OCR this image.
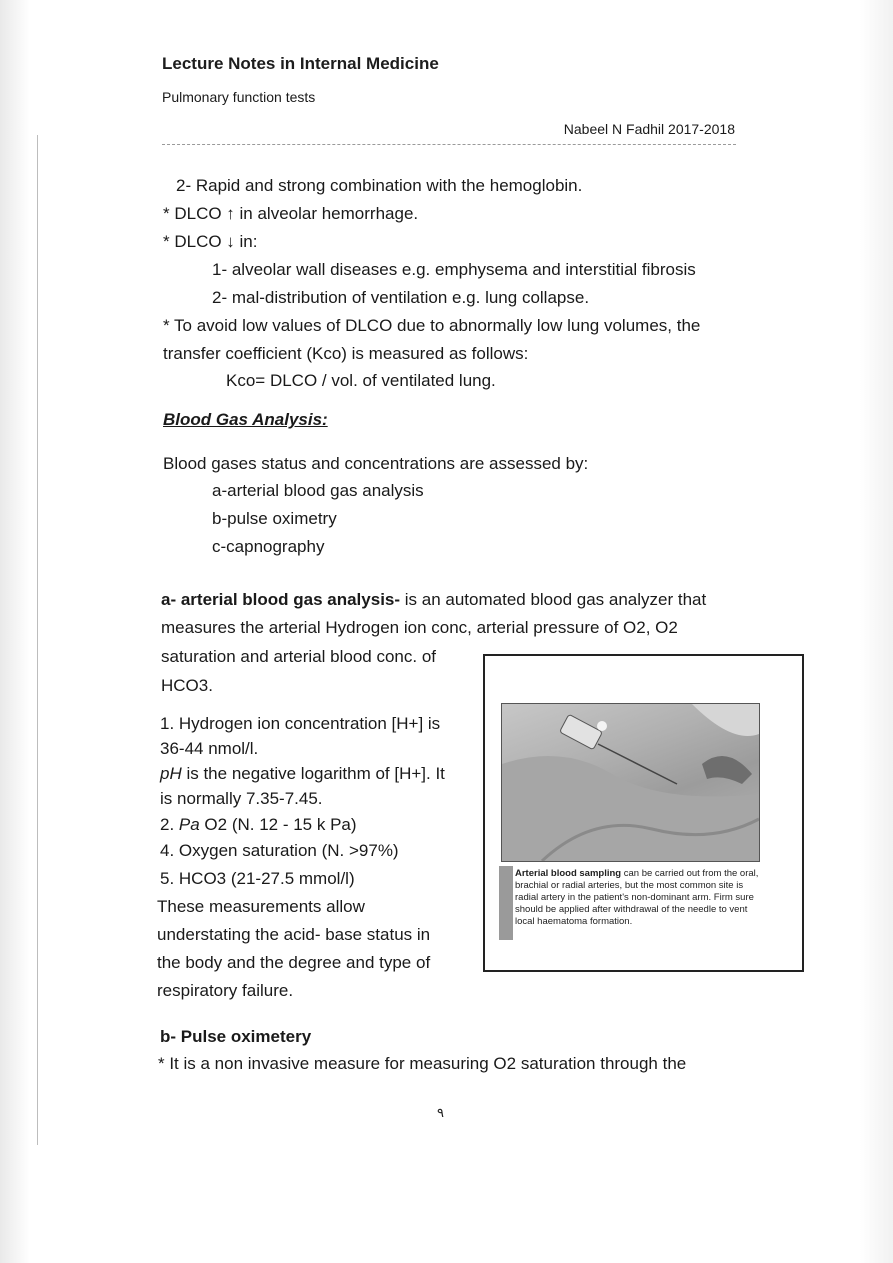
Lecture Notes in Internal Medicine
Pulmonary function tests
Nabeel N Fadhil 2017-2018
2- Rapid and strong combination with the hemoglobin.
* DLCO ↑ in alveolar hemorrhage.
* DLCO ↓ in:
1- alveolar wall diseases e.g. emphysema and interstitial fibrosis
2- mal-distribution of ventilation e.g. lung collapse.
* To avoid low values of DLCO due to abnormally low lung volumes, the
transfer coefficient (Kco) is measured as follows:
Kco= DLCO / vol. of ventilated lung.
Blood Gas Analysis:
Blood gases status and concentrations are assessed by:
a-arterial blood gas analysis
b-pulse oximetry
c-capnography
a- arterial blood gas analysis- is an automated blood gas analyzer that
measures the arterial Hydrogen ion conc, arterial pressure of O2, O2
saturation and arterial blood conc. of
HCO3.
1. Hydrogen ion concentration [H+] is
36-44 nmol/l.
pH is the negative logarithm of [H+]. It
is normally 7.35-7.45.
2. Pa O2 (N. 12 - 15 k Pa)
4. Oxygen saturation (N. >97%)
5. HCO3 (21-27.5 mmol/l)
These measurements allow
understating the acid- base status in
the body and the degree and type of
respiratory failure.
Arterial blood sampling can be carried out from the oral, brachial or radial arteries, but the most common site is radial artery in the patient's non-dominant arm. Firm sure should be applied after withdrawal of the needle to vent local haematoma formation.
b- Pulse oximetery
* It is a non invasive measure for measuring O2 saturation through the
٩
